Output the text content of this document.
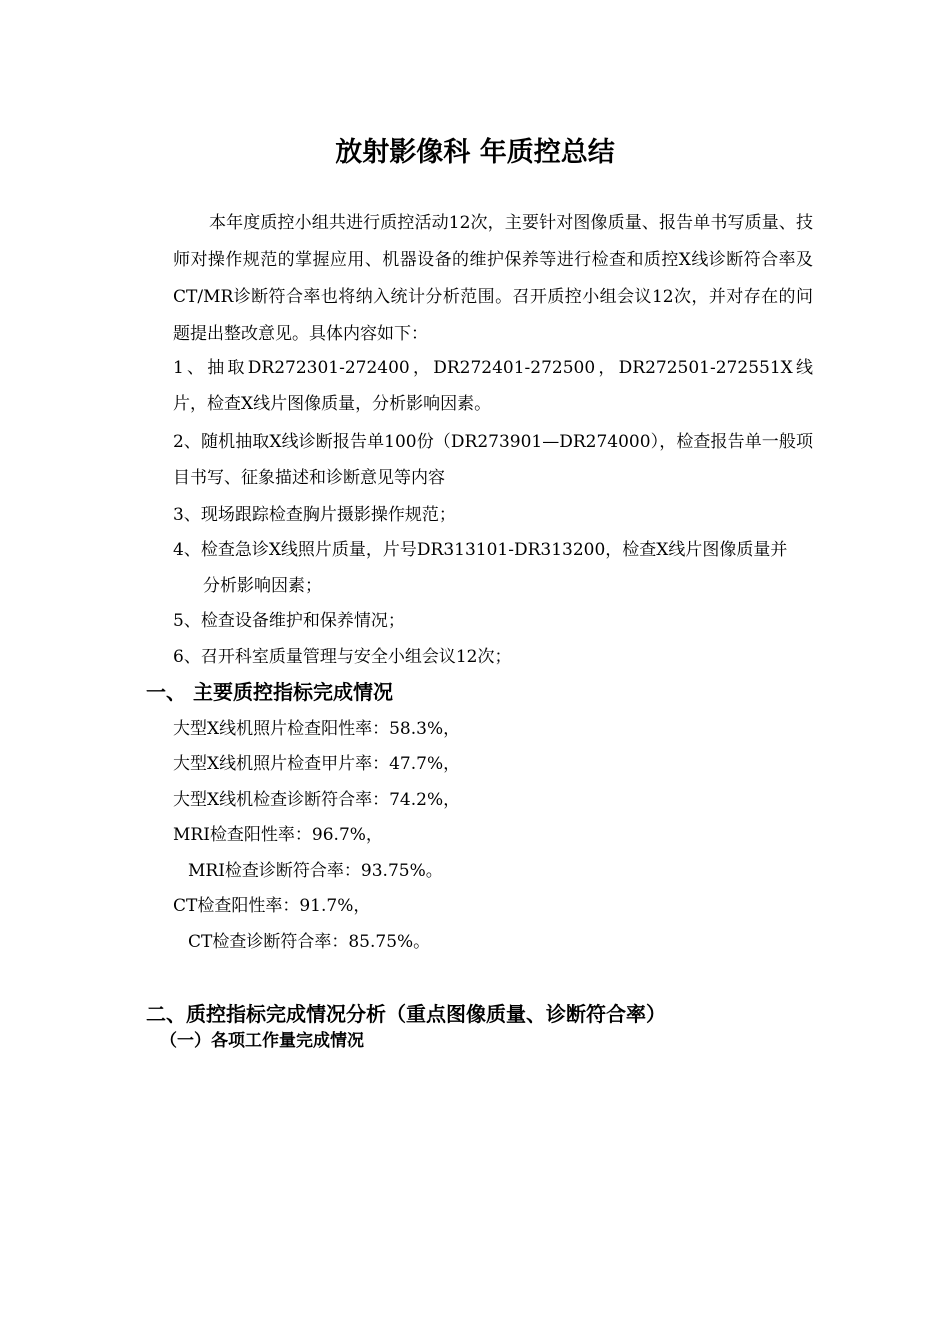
放射影像科 年质控总结
本年度质控小组共进行质控活动12次，主要针对图像质量、报告单书写质量、技师对操作规范的掌握应用、机器设备的维护保养等进行检查和质控X线诊断符合率及CT/MR诊断符合率也将纳入统计分析范围。召开质控小组会议12次，并对存在的问题提出整改意见。具体内容如下：
1、抽取DR272301-272400，DR272401-272500，DR272501-272551X线片，检查X线片图像质量，分析影响因素。
2、随机抽取X线诊断报告单100份（DR273901—DR274000），检查报告单一般项目书写、征象描述和诊断意见等内容
3、现场跟踪检查胸片摄影操作规范；
4、检查急诊X线照片质量，片号DR313101-DR313200，检查X线片图像质量并
分析影响因素；
5、检查设备维护和保养情况；
6、召开科室质量管理与安全小组会议12次；
一、 主要质控指标完成情况
大型X线机照片检查阳性率：58.3%，
大型X线机照片检查甲片率：47.7%，
大型X线机检查诊断符合率：74.2%，
MRI检查阳性率：96.7%，
MRI检查诊断符合率：93.75%。
CT检查阳性率：91.7%，
CT检查诊断符合率：85.75%。
二、质控指标完成情况分析（重点图像质量、诊断符合率）
（一）各项工作量完成情况
